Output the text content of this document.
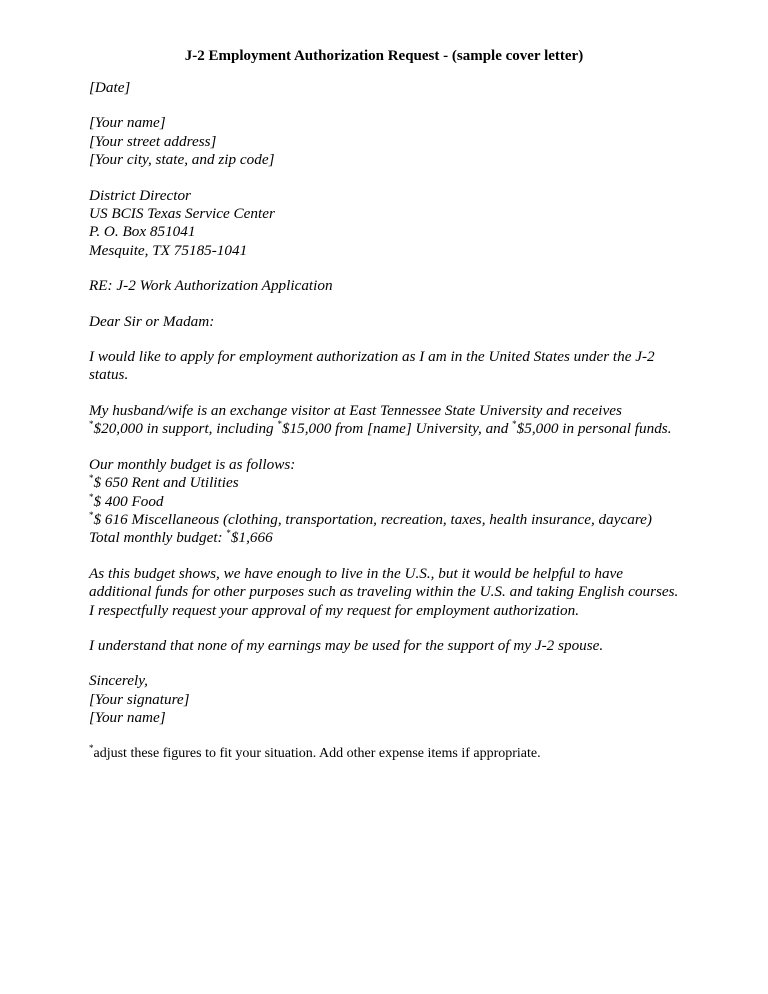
J-2 Employment Authorization Request - (sample cover letter)
[Date]
[Your name]
[Your street address]
[Your city, state, and zip code]
District Director
US BCIS Texas Service Center
P. O. Box 851041
Mesquite, TX 75185-1041
RE: J-2 Work Authorization Application
Dear Sir or Madam:
I would like to apply for employment authorization as I am in the United States under the J-2
status.
My husband/wife is an exchange visitor at East Tennessee State University and receives
*$20,000 in support, including *$15,000 from [name] University, and *$5,000 in personal funds.
Our monthly budget is as follows:
*$ 650 Rent and Utilities
*$ 400 Food
*$ 616 Miscellaneous (clothing, transportation, recreation, taxes, health insurance, daycare)
Total monthly budget: *$1,666
As this budget shows, we have enough to live in the U.S., but it would be helpful to have
additional funds for other purposes such as traveling within the U.S. and taking English courses.
I respectfully request your approval of my request for employment authorization.
I understand that none of my earnings may be used for the support of my J-2 spouse.
Sincerely,
[Your signature]
[Your name]
*adjust these figures to fit your situation. Add other expense items if appropriate.
